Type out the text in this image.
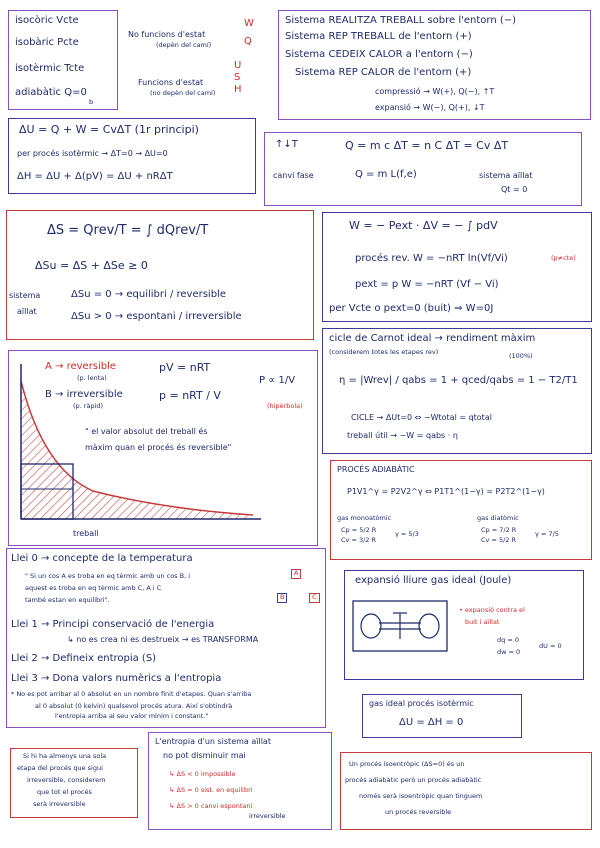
isocòric Vcte
isobàric Pcte
isotèrmic Tcte
adiabàtic Q=0
b
No funcions d'estat
(depèn del camí)
W
Q
Funcions d'estat
(no depèn del camí)
U
S
H
Sistema REALITZA TREBALL sobre l'entorn (−)
Sistema REP TREBALL de l'entorn (+)
Sistema CEDEIX CALOR a l'entorn (−)
Sistema REP CALOR de l'entorn (+)
compressió → W(+), Q(−), ↑T
expansió → W(−), Q(+), ↓T
ΔU = Q + W = CvΔT (1r principi)
per procés isotèrmic → ΔT=0 → ΔU=0
ΔH = ΔU + Δ(pV) = ΔU + nRΔT
↑↓T	Q = m c ΔT = n C ΔT = Cv ΔT
canvi fase	Q = m L(f,e)	sistema aïllat
Qt = 0
ΔS = Qrev/T = ∫ dQrev/T
ΔSu = ΔS + ΔSe ≥ 0
sistema
aïllat
ΔSu = 0 → equilibri / reversible
ΔSu > 0 → espontani / irreversible
W = − Pext · ΔV = − ∫ pdV
procés rev. W = −nRT ln(Vf/Vi)	(p≠cte)
pext = p W = −nRT (Vf − Vi)
per Vcte o pext=0 (buit) ⇒ W=0J
A → reversible
(p. lenta)
B → irreversible
(p. ràpid)
pV = nRT
p = nRT / V
P ∝ 1/V
(hipèrbola)
" el valor absolut del treball és
màxim quan el procés és reversible"
treball
cicle de Carnot ideal → rendiment màxim
(considerem totes les etapes rev)	(100%)
η = |Wrev| / qabs = 1 + qced/qabs = 1 − T2/T1
CICLE → ΔUt=0 ⇔ −Wtotal = qtotal
treball útil → −W = qabs · η
PROCÉS ADIABÀTIC
P1V1^γ = P2V2^γ ⇔ P1T1^(1−γ) = P2T2^(1−γ)
gas monoatòmic
Cp = 5/2 R
Cv = 3/2 R
γ = 5/3
gas diatòmic
Cp = 7/2 R
Cv = 5/2 R
γ = 7/5
Llei 0 → concepte de la temperatura
" Si un cos A es troba en eq tèrmic amb un cos B, i
aquest es troba en eq tèrmic amb C, A i C
també estan en equilibri".
A
B	C
Llei 1 → Principi conservació de l'energia
↳ no es crea ni es destrueix → es TRANSFORMA
Llei 2 → Defineix entropia (S)
Llei 3 → Dona valors numèrics a l'entropia
* No es pot arribar al 0 absolut en un nombre finit d'etapes. Quan s'arriba
al 0 absolut (0 kelvin) qualsevol procés atura. Així s'obtindrà
l'entropia arriba al seu valor mínim i constant."
expansió lliure gas ideal (Joule)
• expansió contra el
buit i aïllat
dq = 0
dw = 0
dU = 0
gas ideal procés isotèrmic
ΔU = ΔH = 0
Si hi ha almenys una sola
etapa del procés que sigui
irreversible, considerem
que tot el procés
serà irreversible
L'entropia d'un sistema aïllat
no pot disminuir mai
↳ ΔS < 0 impossible
↳ ΔS = 0 sist. en equilibri
↳ ΔS > 0 canvi espontani
irreversible
Un procés isoentròpic (ΔS=0) és un
procés adiabàtic però un procés adiabàtic
només serà isoentròpic quan tinguem
un procés reversible
